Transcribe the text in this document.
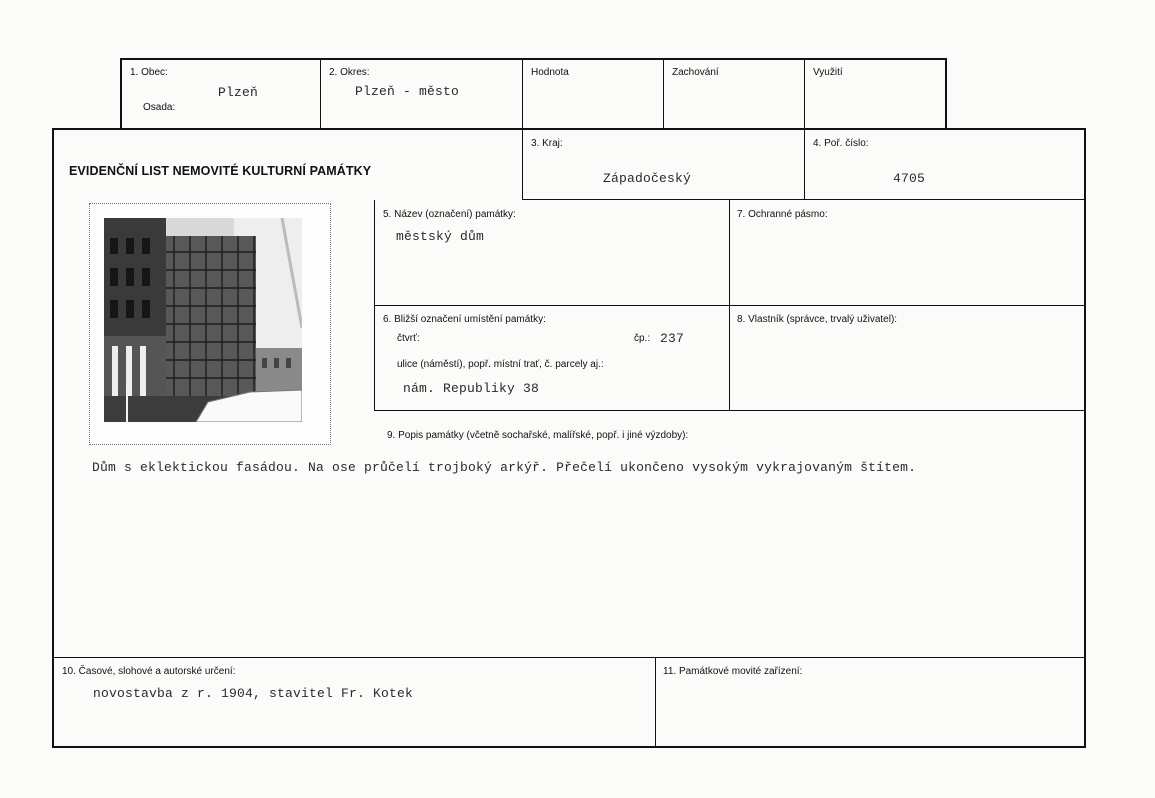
1. Obec:
Plzeň
Osada:
2. Okres:
Plzeň - město
Hodnota	Zachování	Využití
EVIDENČNÍ LIST NEMOVITÉ KULTURNÍ PAMÁTKY
3. Kraj:
Západočeský
4. Poř. číslo:
4705
5. Název (označení) památky:
městský dům
7. Ochranné pásmo:
6. Bližší označení umístění památky:
čtvrť:	čp.: 237
ulice (náměstí), popř. místní trať, č. parcely aj.:
nám. Republiky 38
8. Vlastník (správce, trvalý uživatel):
9. Popis památky (včetně sochařské, malířské, popř. i jiné výzdoby):
Dům s eklektickou fasádou. Na ose průčelí trojboký arkýř. Přečelí ukončeno vysokým vykrajovaným štítem.
10. Časové, slohové a autorské určení:
novostavba z r. 1904, stavitel Fr. Kotek
11. Památkové movité zařízení:
